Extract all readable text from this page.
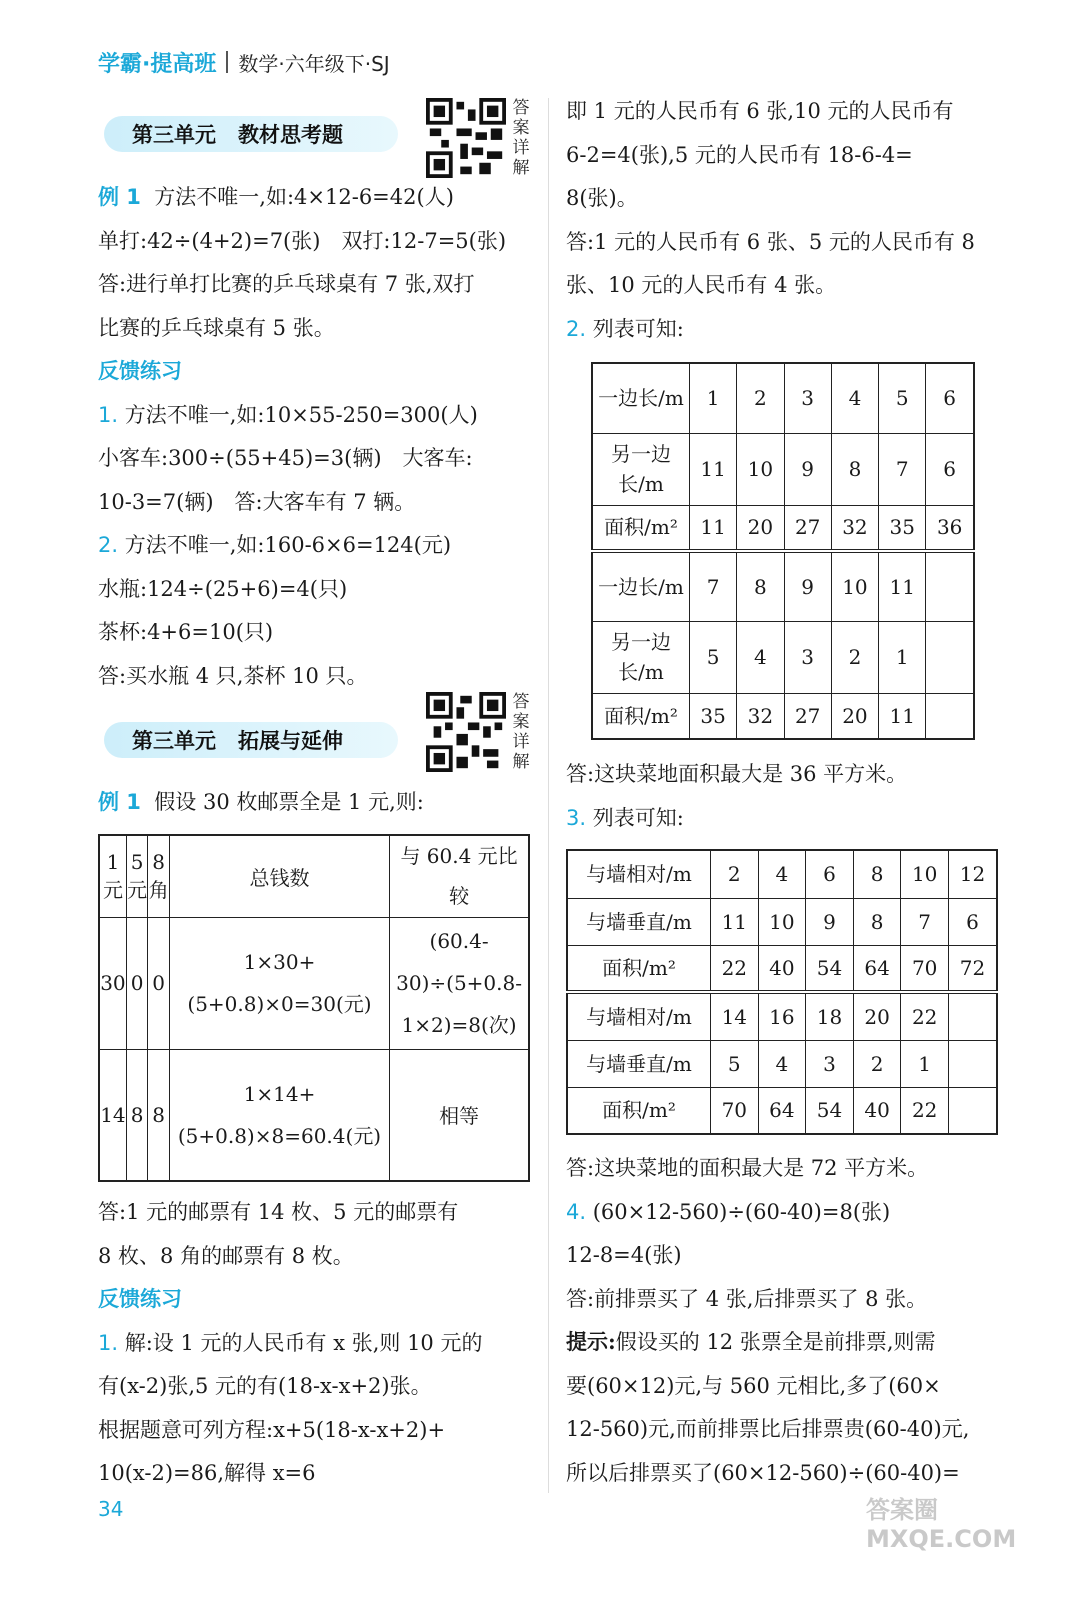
学霸·提高班 数学·六年级下·SJ
第三单元 教材思考题
答案详解
例 1 方法不唯一,如:4×12-6=42(人)
单打:42÷(4+2)=7(张)　双打:12-7=5(张)
答:进行单打比赛的乒乓球桌有 7 张,双打
比赛的乒乓球桌有 5 张。
反馈练习
1. 方法不唯一,如:10×55-250=300(人)
小客车:300÷(55+45)=3(辆)　大客车:
10-3=7(辆)　答:大客车有 7 辆。
2. 方法不唯一,如:160-6×6=124(元)
水瓶:124÷(25+6)=4(只)
茶杯:4+6=10(只)
答:买水瓶 4 只,茶杯 10 只。
第三单元 拓展与延伸
答案详解
例 1 假设 30 枚邮票全是 1 元,则:
1 元	5 元	8 角	总钱数	与 60.4 元比较
30	0	0	1×30+(5+0.8)×0=30(元)	(60.4-30)÷(5+0.8-1×2)=8(次)
14	8	8	1×14+(5+0.8)×8=60.4(元)	相等
答:1 元的邮票有 14 枚、5 元的邮票有
8 枚、8 角的邮票有 8 枚。
反馈练习
1. 解:设 1 元的人民币有 x 张,则 10 元的
有(x-2)张,5 元的有(18-x-x+2)张。
根据题意可列方程:x+5(18-x-x+2)+
10(x-2)=86,解得 x=6
即 1 元的人民币有 6 张,10 元的人民币有
6-2=4(张),5 元的人民币有 18-6-4=
8(张)。
答:1 元的人民币有 6 张、5 元的人民币有 8
张、10 元的人民币有 4 张。
2. 列表可知:
一边长/m	1	2	3	4	5	6
另一边长/m	11	10	9	8	7	6
面积/m²	11	20	27	32	35	36
一边长/m	7	8	9	10	11	
另一边长/m	5	4	3	2	1	
面积/m²	35	32	27	20	11	
答:这块菜地面积最大是 36 平方米。
3. 列表可知:
与墙相对/m	2	4	6	8	10	12
与墙垂直/m	11	10	9	8	7	6
面积/m²	22	40	54	64	70	72
与墙相对/m	14	16	18	20	22	
与墙垂直/m	5	4	3	2	1	
面积/m²	70	64	54	40	22	
答:这块菜地的面积最大是 72 平方米。
4. (60×12-560)÷(60-40)=8(张)
12-8=4(张)
答:前排票买了 4 张,后排票买了 8 张。
提示:假设买的 12 张票全是前排票,则需
要(60×12)元,与 560 元相比,多了(60×
12-560)元,而前排票比后排票贵(60-40)元,
所以后排票买了(60×12-560)÷(60-40)=
34	答案圈 MXQE.COM
